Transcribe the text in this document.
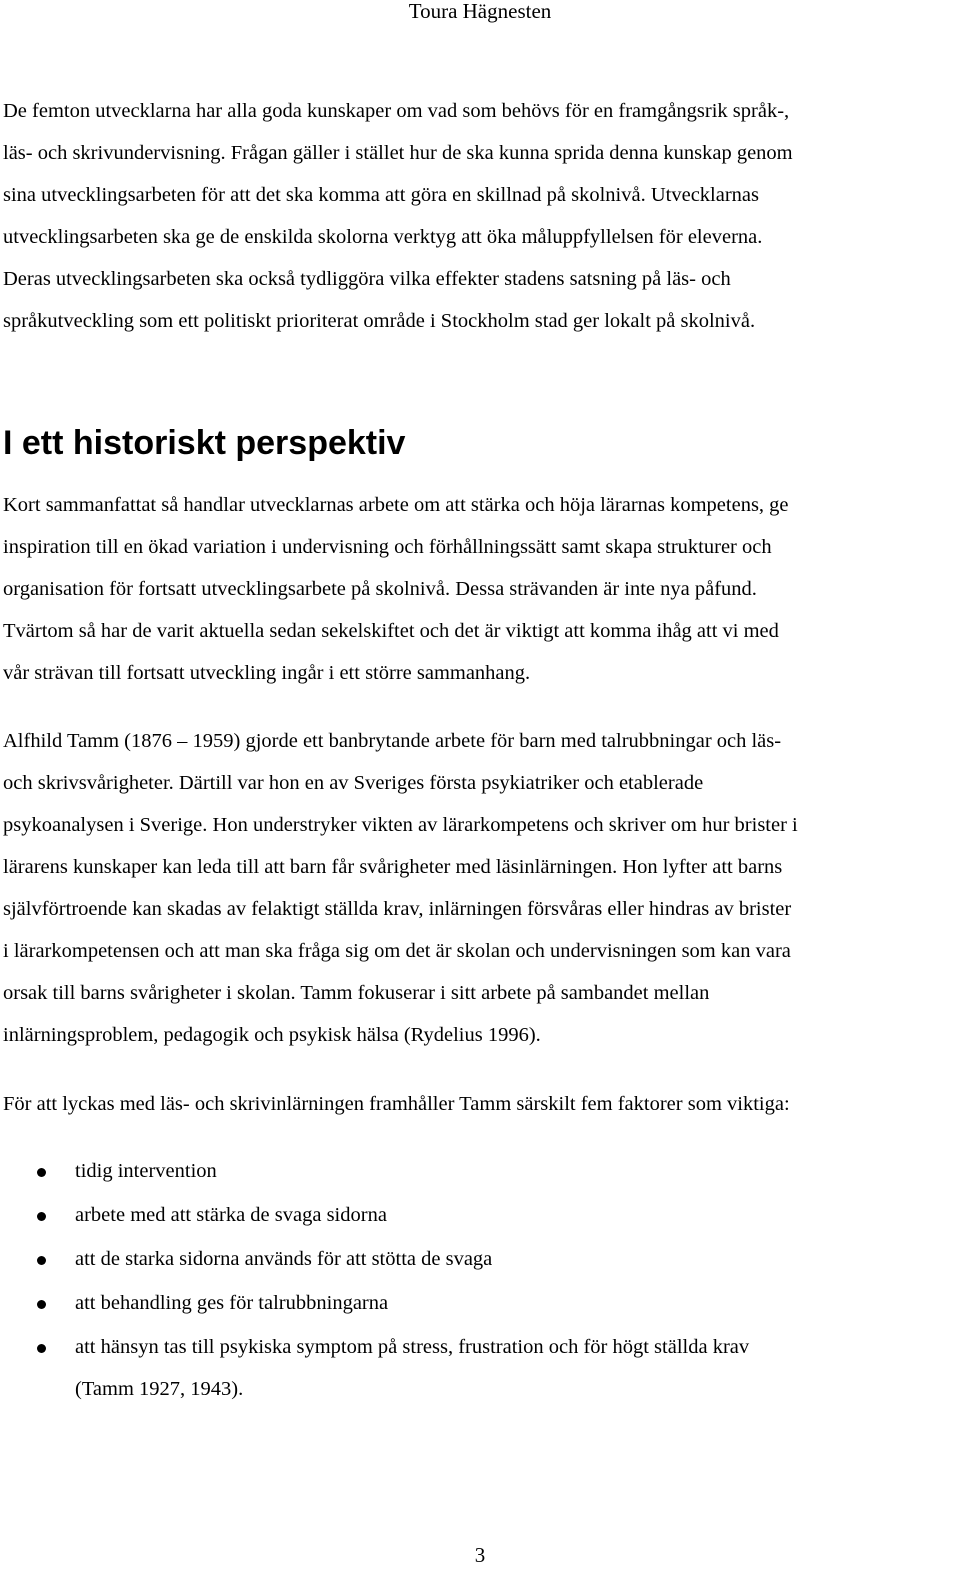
Toura Hägnesten

De femton utvecklarna har alla goda kunskaper om vad som behövs för en framgångsrik språk-,
läs- och skrivundervisning. Frågan gäller i stället hur de ska kunna sprida denna kunskap genom
sina utvecklingsarbeten för att det ska komma att göra en skillnad på skolnivå. Utvecklarnas
utvecklingsarbeten ska ge de enskilda skolorna verktyg att öka måluppfyllelsen för eleverna.
Deras utvecklingsarbeten ska också tydliggöra vilka effekter stadens satsning på läs- och
språkutveckling som ett politiskt prioriterat område i Stockholm stad ger lokalt på skolnivå.

I ett historiskt perspektiv

Kort sammanfattat så handlar utvecklarnas arbete om att stärka och höja lärarnas kompetens, ge
inspiration till en ökad variation i undervisning och förhållningssätt samt skapa strukturer och
organisation för fortsatt utvecklingsarbete på skolnivå. Dessa strävanden är inte nya påfund.
Tvärtom så har de varit aktuella sedan sekelskiftet och det är viktigt att komma ihåg att vi med
vår strävan till fortsatt utveckling ingår i ett större sammanhang.

Alfhild Tamm (1876 – 1959) gjorde ett banbrytande arbete för barn med talrubbningar och läs-
och skrivsvårigheter. Därtill var hon en av Sveriges första psykiatriker och etablerade
psykoanalysen i Sverige. Hon understryker vikten av lärarkompetens och skriver om hur brister i
lärarens kunskaper kan leda till att barn får svårigheter med läsinlärningen. Hon lyfter att barns
självförtroende kan skadas av felaktigt ställda krav, inlärningen försvåras eller hindras av brister
i lärarkompetensen och att man ska fråga sig om det är skolan och undervisningen som kan vara
orsak till barns svårigheter i skolan. Tamm fokuserar i sitt arbete på sambandet mellan
inlärningsproblem, pedagogik och psykisk hälsa (Rydelius 1996).

För att lyckas med läs- och skrivinlärningen framhåller Tamm särskilt fem faktorer som viktiga:

tidig intervention
arbete med att stärka de svaga sidorna
att de starka sidorna används för att stötta de svaga
att behandling ges för talrubbningarna
att hänsyn tas till psykiska symptom på stress, frustration och för högt ställda krav
(Tamm 1927, 1943).
3
